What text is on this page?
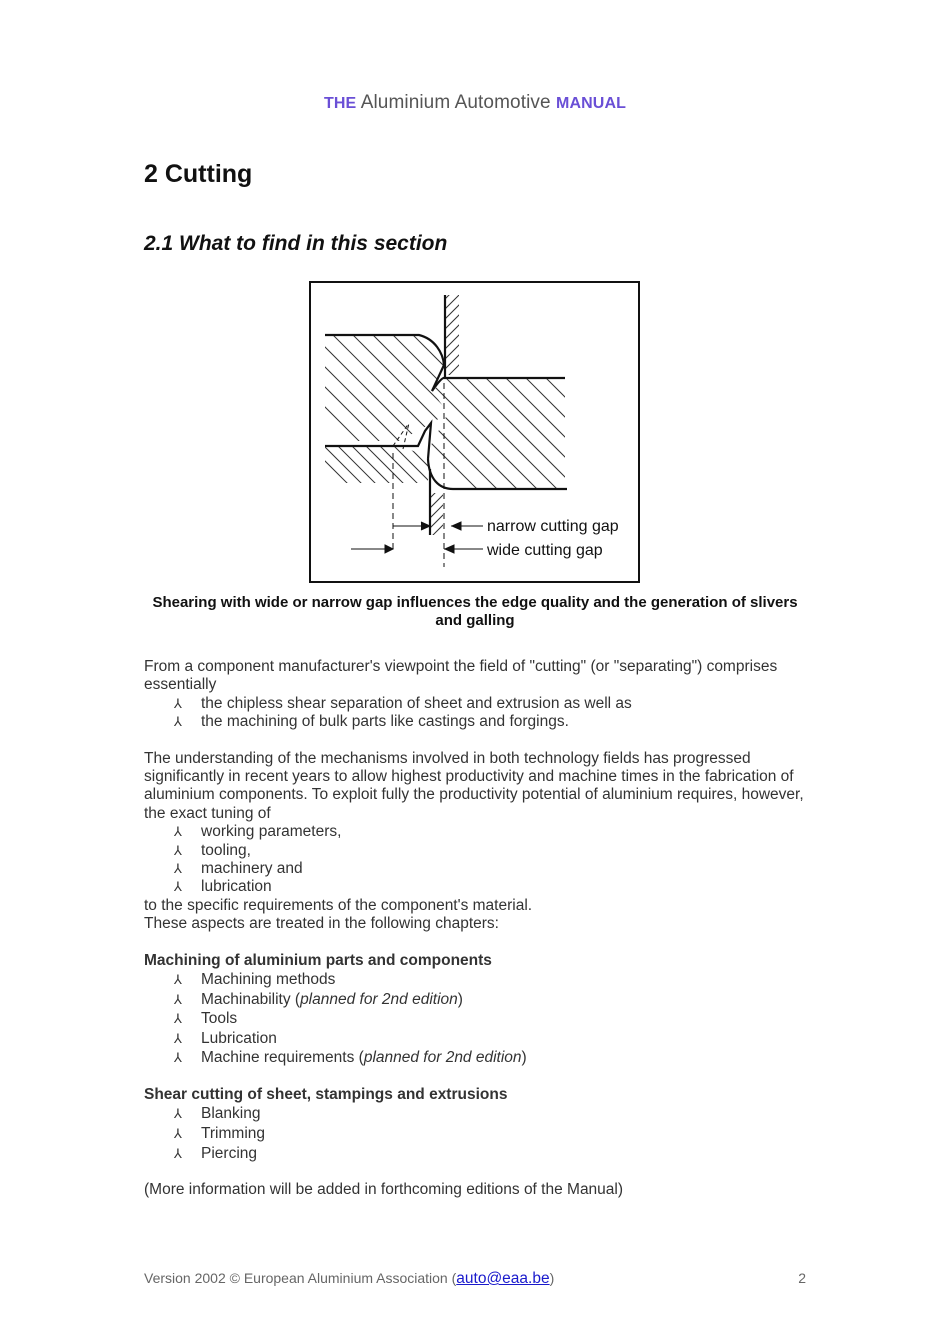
THE Aluminium Automotive MANUAL
2 Cutting
2.1 What to find in this section
narrow cutting gap
wide cutting gap
Shearing with wide or narrow gap influences the edge quality and the generation of slivers and galling

From a component manufacturer's viewpoint the field of "cutting" (or "separating") comprises essentially

⅄ the chipless shear separation of sheet and extrusion as well as
⅄ the machining of bulk parts like castings and forgings.

The understanding of the mechanisms involved in both technology fields has progressed significantly in recent years to allow highest productivity and machine times in the fabrication of aluminium components. To exploit fully the productivity potential of aluminium requires, however, the exact tuning of

⅄ working parameters,
⅄ tooling,
⅄ machinery and
⅄ lubrication

to the specific requirements of the component's material.

These aspects are treated in the following chapters:

Machining of aluminium parts and components

⅄ Machining methods
⅄ Machinability (planned for 2nd edition)
⅄ Tools
⅄ Lubrication
⅄ Machine requirements (planned for 2nd edition)

Shear cutting of sheet, stampings and extrusions

⅄ Blanking
⅄ Trimming
⅄ Piercing

(More information will be added in forthcoming editions of the Manual)

Version 2002 © European Aluminium Association (auto@eaa.be)	2
